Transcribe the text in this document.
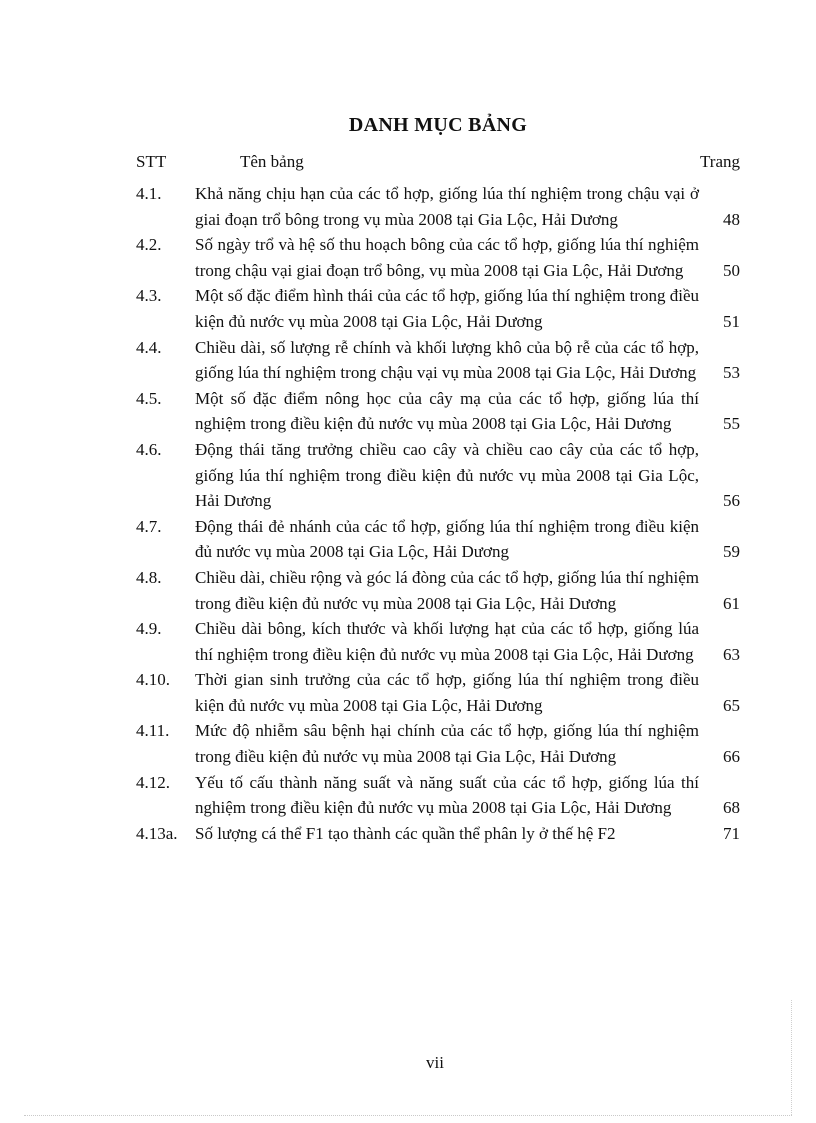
DANH MỤC BẢNG
STT	Tên bảng	Trang
4.1.	Khả năng chịu hạn của các tổ hợp, giống lúa thí nghiệm trong chậu vại ở giai đoạn trổ bông trong vụ mùa 2008 tại Gia Lộc, Hải Dương	48
4.2.	Số ngày trổ và hệ số thu hoạch bông của các tổ hợp, giống lúa thí nghiệm trong chậu vại giai đoạn trổ bông, vụ mùa 2008 tại Gia Lộc, Hải Dương	50
4.3.	Một số đặc điểm hình thái của các tổ hợp, giống lúa thí nghiệm trong điều kiện đủ nước vụ mùa 2008 tại Gia Lộc, Hải Dương	51
4.4.	Chiều dài, số lượng rễ chính và khối lượng khô của bộ rễ của các tổ hợp, giống lúa thí nghiệm trong chậu vại vụ mùa 2008 tại Gia Lộc, Hải Dương 53
4.5.	Một số đặc điểm nông học của cây mạ của các tổ hợp, giống lúa thí nghiệm trong điều kiện đủ nước vụ mùa 2008 tại Gia Lộc, Hải Dương	55
4.6.	Động thái tăng trưởng chiều cao cây và chiều cao cây của các tổ hợp, giống lúa thí nghiệm trong điều kiện đủ nước vụ mùa 2008 tại Gia Lộc, Hải Dương	56
4.7.	Động thái đẻ nhánh của các tổ hợp, giống lúa thí nghiệm trong điều kiện đủ nước vụ mùa 2008 tại Gia Lộc, Hải Dương	59
4.8.	Chiều dài, chiều rộng và góc lá đòng của các tổ hợp, giống lúa thí nghiệm trong điều kiện đủ nước vụ mùa 2008 tại Gia Lộc, Hải Dương	61
4.9.	Chiều dài bông, kích thước và khối lượng hạt của các tổ hợp, giống lúa thí nghiệm trong điều kiện đủ nước vụ mùa 2008 tại Gia Lộc, Hải Dương	63
4.10.	Thời gian sinh trưởng của các tổ hợp, giống lúa thí nghiệm trong điều kiện đủ nước vụ mùa 2008 tại Gia Lộc, Hải Dương	65
4.11.	Mức độ nhiễm sâu bệnh hại chính của các tổ hợp, giống lúa thí nghiệm trong điều kiện đủ nước vụ mùa 2008 tại Gia Lộc, Hải Dương	66
4.12.	Yếu tố cấu thành năng suất và năng suất của các tổ hợp, giống lúa thí nghiệm trong điều kiện đủ nước vụ mùa 2008 tại Gia Lộc, Hải Dương	68
4.13a.	Số lượng cá thể F1 tạo thành các quần thể phân ly ở thế hệ F2	71
vii
